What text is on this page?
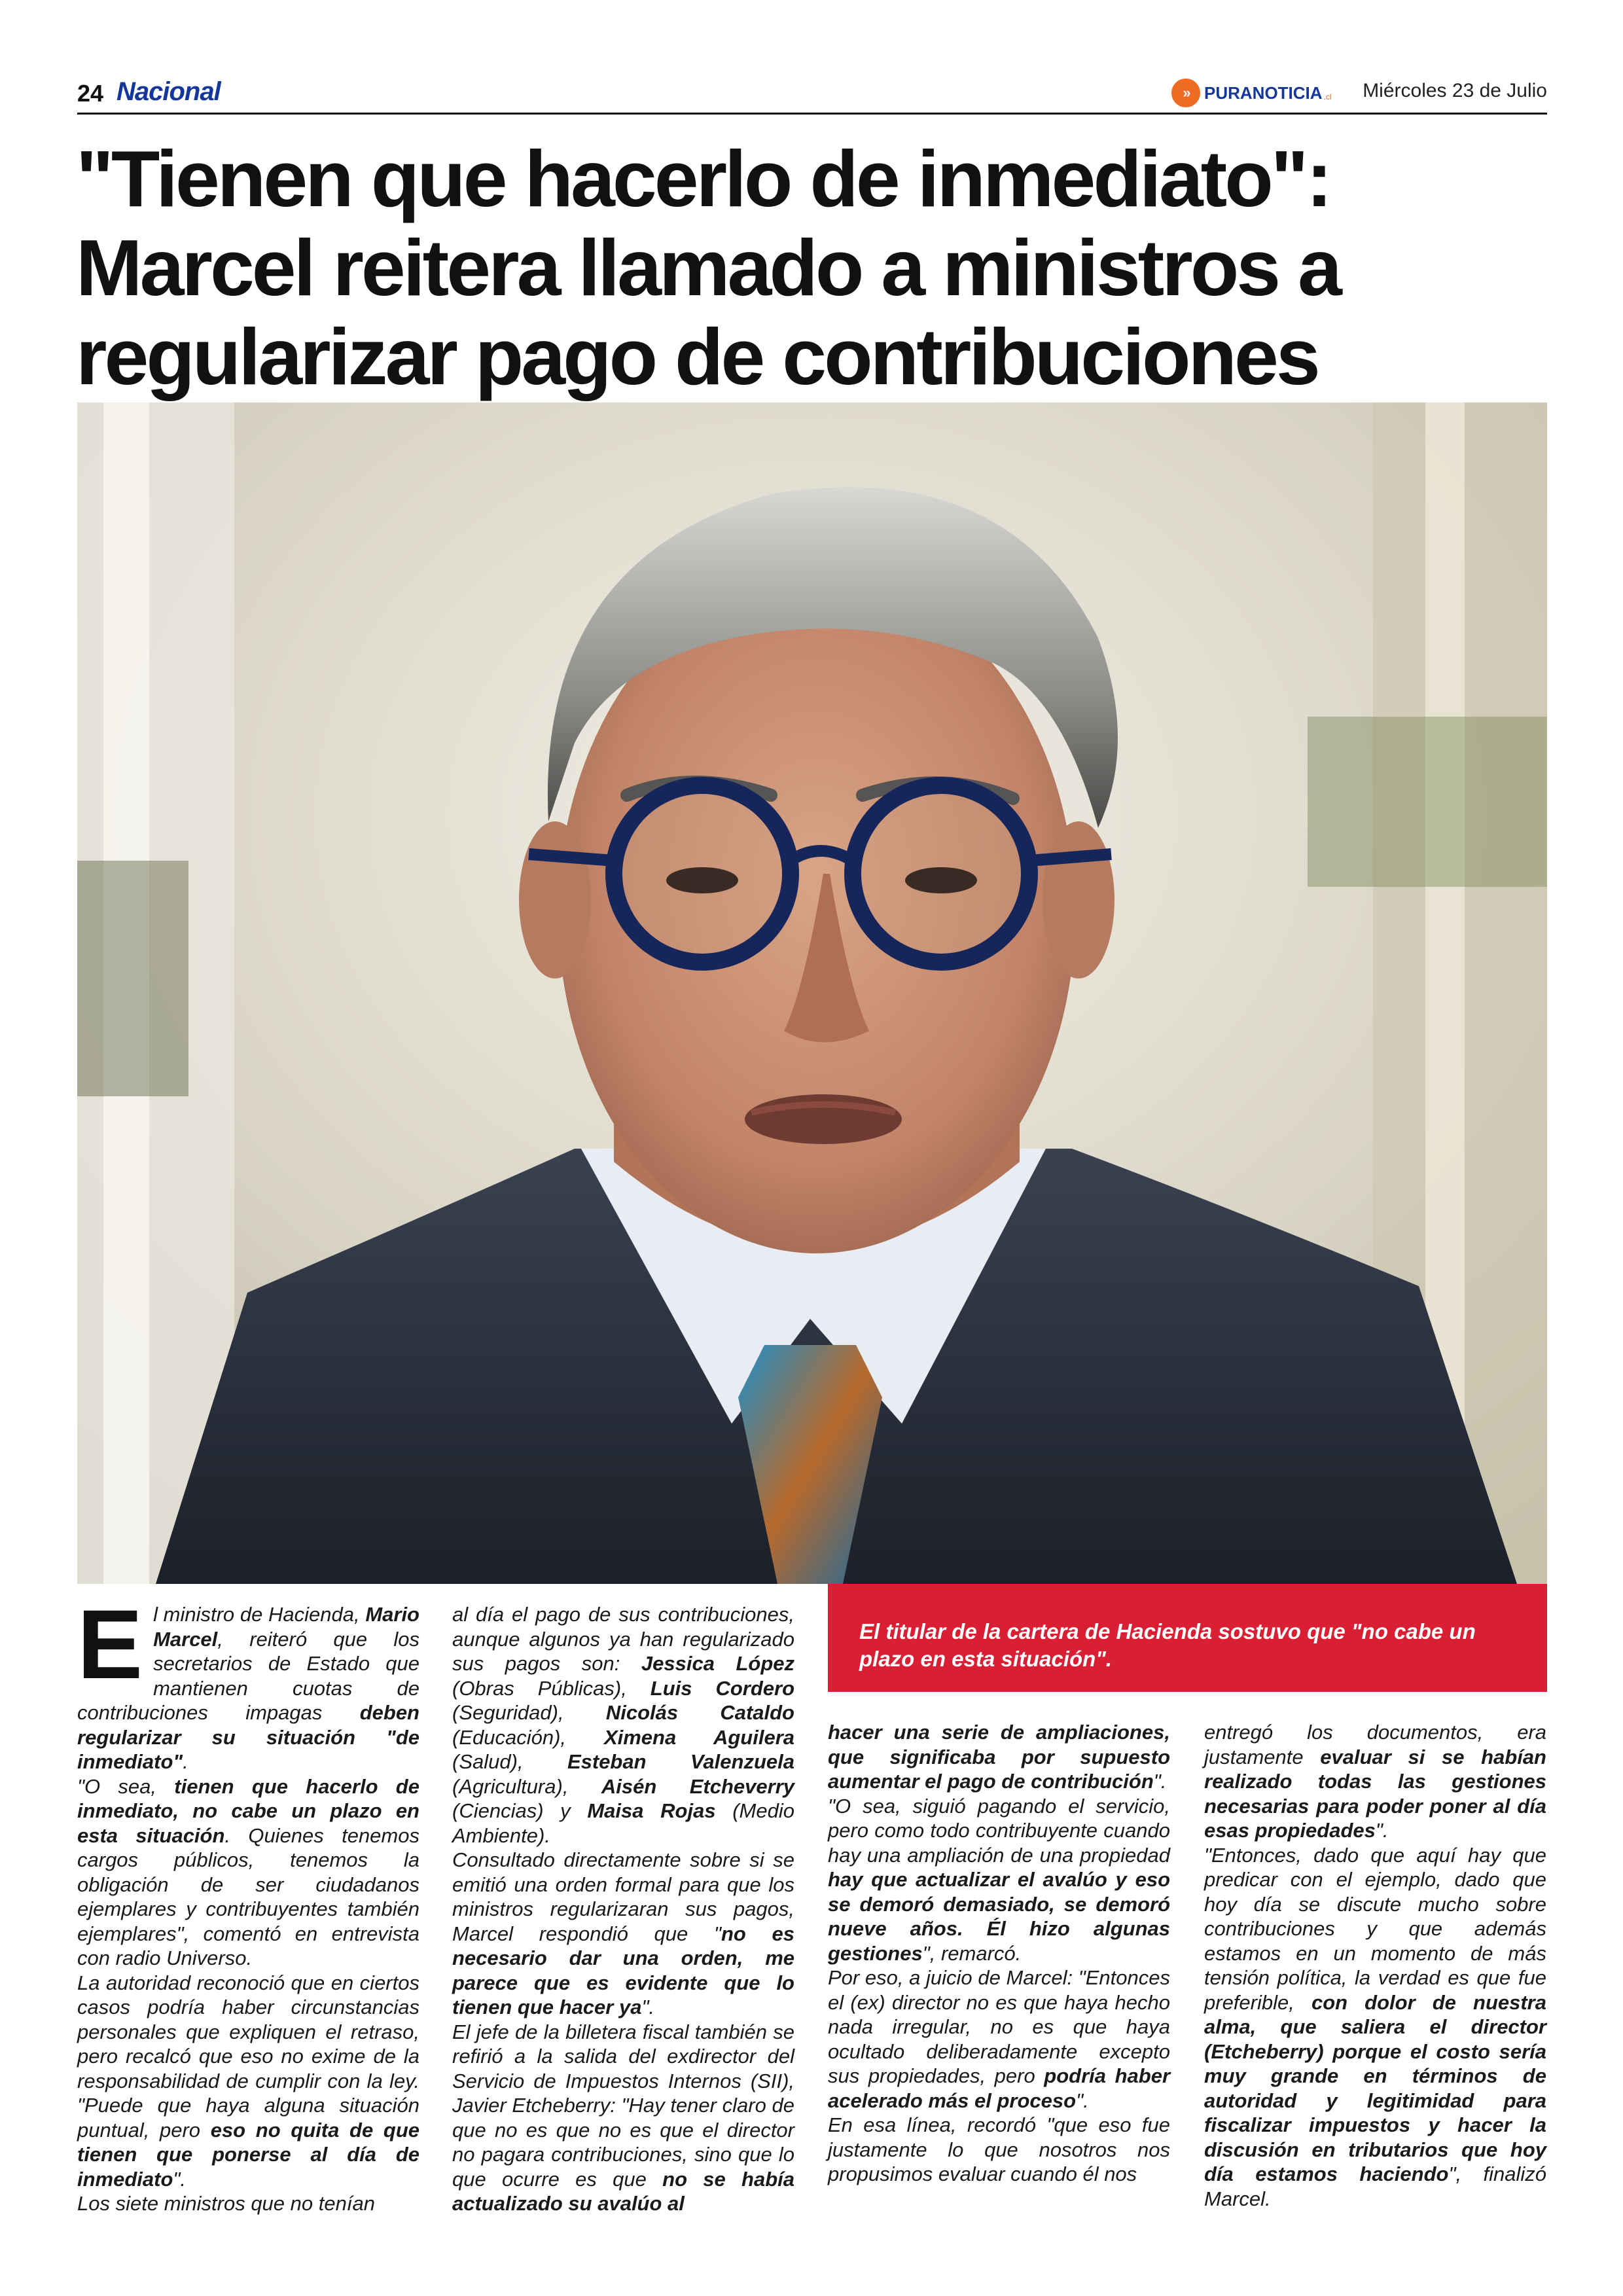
24 Nacional	» PURANOTICIA .cl Miércoles 23 de Julio
"Tienen que hacerlo de inmediato": Marcel reitera llamado a ministros a regularizar pago de contribuciones

El titular de la cartera de Hacienda sostuvo que "no cabe un plazo en esta situación".

E l ministro de Hacienda, Mario Marcel, reiteró que los secretarios de Estado que mantienen cuotas de contribuciones impagas deben regularizar su situación "de inmediato".
"O sea, tienen que hacerlo de inmediato, no cabe un plazo en esta situación. Quienes tenemos cargos públicos, tenemos la obligación de ser ciudadanos ejemplares y contribuyentes también ejemplares", comentó en entrevista con radio Universo.
La autoridad reconoció que en ciertos casos podría haber circunstancias personales que expliquen el retraso, pero recalcó que eso no exime de la responsabilidad de cumplir con la ley. "Puede que haya alguna situación puntual, pero eso no quita de que tienen que ponerse al día de inmediato".
Los siete ministros que no tenían
al día el pago de sus contribuciones, aunque algunos ya han regularizado sus pagos son: Jessica López (Obras Públicas), Luis Cordero (Seguridad), Nicolás Cataldo (Educación), Ximena Aguilera (Salud), Esteban Valenzuela (Agricultura), Aisén Etcheverry (Ciencias) y Maisa Rojas (Medio Ambiente).
Consultado directamente sobre si se emitió una orden formal para que los ministros regularizaran sus pagos, Marcel respondió que "no es necesario dar una orden, me parece que es evidente que lo tienen que hacer ya".
El jefe de la billetera fiscal también se refirió a la salida del exdirector del Servicio de Impuestos Internos (SII), Javier Etcheberry: "Hay tener claro de que no es que no es que el director no pagara contribuciones, sino que lo que ocurre es que no se había actualizado su avalúo al
hacer una serie de ampliaciones, que significaba por supuesto aumentar el pago de contribución".
"O sea, siguió pagando el servicio, pero como todo contribuyente cuando hay una ampliación de una propiedad hay que actualizar el avalúo y eso se demoró demasiado, se demoró nueve años. Él hizo algunas gestiones", remarcó.
Por eso, a juicio de Marcel: "Entonces el (ex) director no es que haya hecho nada irregular, no es que haya ocultado deliberadamente excepto sus propiedades, pero podría haber acelerado más el proceso".
En esa línea, recordó "que eso fue justamente lo que nosotros nos propusimos evaluar cuando él nos
entregó los documentos, era justamente evaluar si se habían realizado todas las gestiones necesarias para poder poner al día esas propiedades".
"Entonces, dado que aquí hay que predicar con el ejemplo, dado que hoy día se discute mucho sobre contribuciones y que además estamos en un momento de más tensión política, la verdad es que fue preferible, con dolor de nuestra alma, que saliera el director (Etcheberry) porque el costo sería muy grande en términos de autoridad y legitimidad para fiscalizar impuestos y hacer la discusión en tributarios que hoy día estamos haciendo", finalizó Marcel.
